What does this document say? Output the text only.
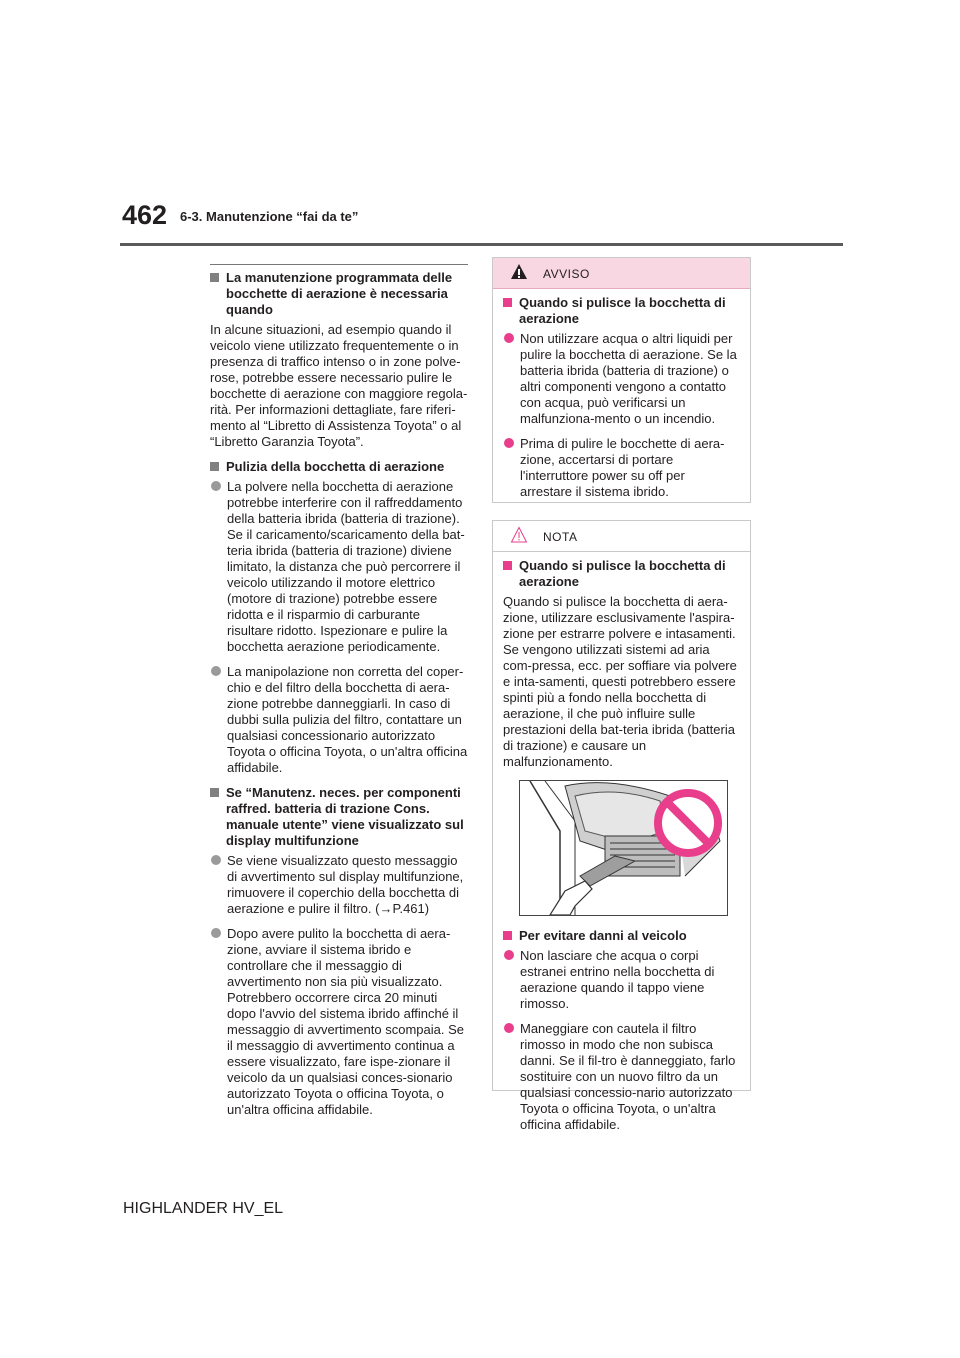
462 6-3. Manutenzione “fai da te”
La manutenzione programmata delle bocchette di aerazione è necessaria quando

In alcune situazioni, ad esempio quando il veicolo viene utilizzato frequentemente o in presenza di traffico intenso o in zone polve-rose, potrebbe essere necessario pulire le bocchette di aerazione con maggiore regola-rità. Per informazioni dettagliate, fare riferi-mento al “Libretto di Assistenza Toyota” o al “Libretto Garanzia Toyota”.

Pulizia della bocchetta di aerazione
La polvere nella bocchetta di aerazione potrebbe interferire con il raffreddamento della batteria ibrida (batteria di trazione). Se il caricamento/scaricamento della bat-teria ibrida (batteria di trazione) diviene limitato, la distanza che può percorrere il veicolo utilizzando il motore elettrico (motore di trazione) potrebbe essere ridotta e il risparmio di carburante risultare ridotto. Ispezionare e pulire la bocchetta aerazione periodicamente.
La manipolazione non corretta del coper-chio e del filtro della bocchetta di aera-zione potrebbe danneggiarli. In caso di dubbi sulla pulizia del filtro, contattare un qualsiasi concessionario autorizzato Toyota o officina Toyota, o un'altra officina affidabile.
Se “Manutenz. neces. per componenti raffred. batteria di trazione Cons. manuale utente” viene visualizzato sul display multifunzione
Se viene visualizzato questo messaggio di avvertimento sul display multifunzione, rimuovere il coperchio della bocchetta di aerazione e pulire il filtro. (→P.461)
Dopo avere pulito la bocchetta di aera-zione, avviare il sistema ibrido e controllare che il messaggio di avvertimento non sia più visualizzato. Potrebbero occorrere circa 20 minuti dopo l'avvio del sistema ibrido affinché il messaggio di avvertimento scompaia. Se il messaggio di avvertimento continua a essere visualizzato, fare ispe-zionare il veicolo da un qualsiasi conces-sionario autorizzato Toyota o officina Toyota, o un'altra officina affidabile.
AVVISO
Quando si pulisce la bocchetta di aerazione
Non utilizzare acqua o altri liquidi per pulire la bocchetta di aerazione. Se la batteria ibrida (batteria di trazione) o altri componenti vengono a contatto con acqua, può verificarsi un malfunziona-mento o un incendio.
Prima di pulire le bocchette di aera-zione, accertarsi di portare l'interruttore power su off per arrestare il sistema ibrido.
NOTA
Quando si pulisce la bocchetta di aerazione

Quando si pulisce la bocchetta di aera-zione, utilizzare esclusivamente l'aspira-zione per estrarre polvere e intasamenti. Se vengono utilizzati sistemi ad aria com-pressa, ecc. per soffiare via polvere e inta-samenti, questi potrebbero essere spinti più a fondo nella bocchetta di aerazione, il che può influire sulle prestazioni della bat-teria ibrida (batteria di trazione) e causare un malfunzionamento.

Per evitare danni al veicolo
Non lasciare che acqua o corpi estranei entrino nella bocchetta di aerazione quando il tappo viene rimosso.
Maneggiare con cautela il filtro rimosso in modo che non subisca danni. Se il fil-tro è danneggiato, farlo sostituire con un nuovo filtro da un qualsiasi concessio-nario autorizzato Toyota o officina Toyota, o un'altra officina affidabile.
HIGHLANDER HV_EL
